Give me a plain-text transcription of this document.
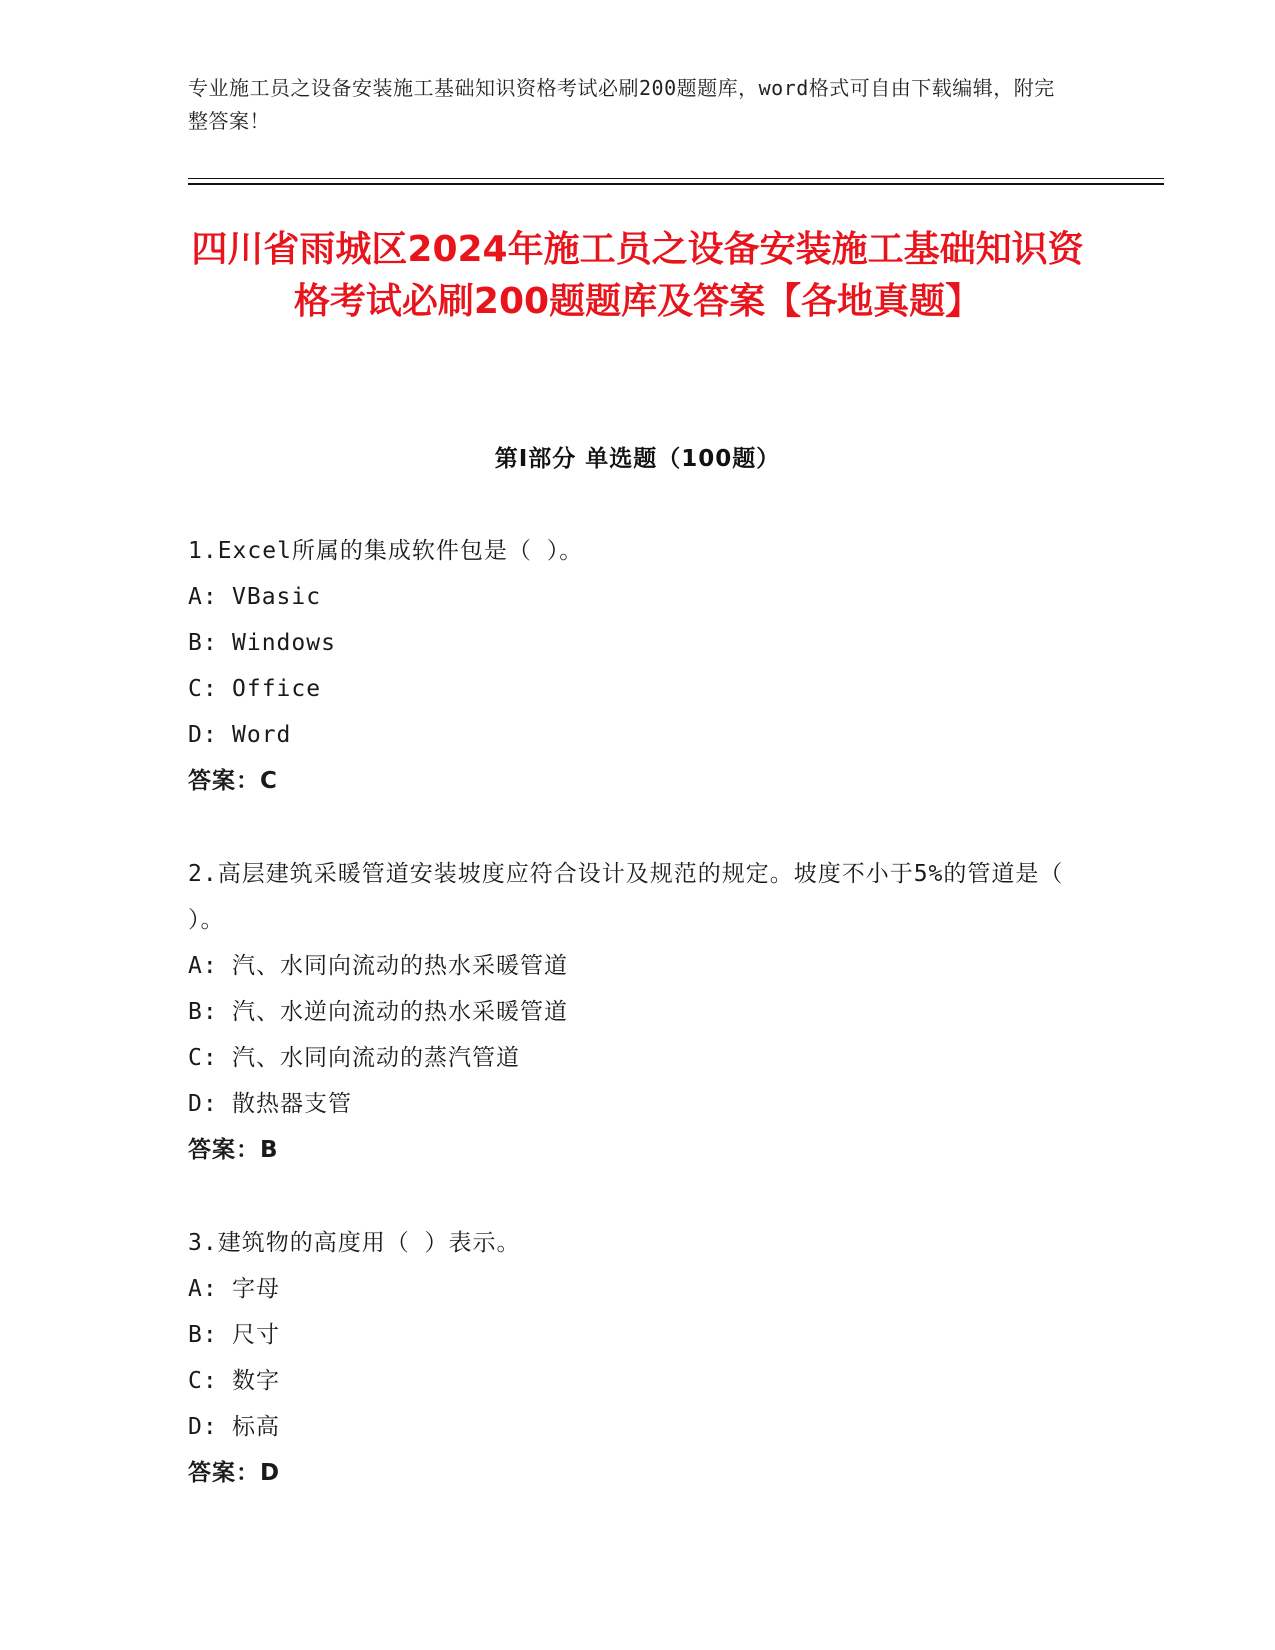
专业施工员之设备安装施工基础知识资格考试必刷200题题库，word格式可自由下载编辑，附完整答案！
四川省雨城区2024年施工员之设备安装施工基础知识资格考试必刷200题题库及答案【各地真题】
第Ⅰ部分 单选题（100题）
1.Excel所属的集成软件包是（ ）。
A: VBasic
B: Windows
C: Office
D: Word
答案：C
2.高层建筑采暖管道安装坡度应符合设计及规范的规定。坡度不小于5%的管道是（ ）。
A: 汽、水同向流动的热水采暖管道
B: 汽、水逆向流动的热水采暖管道
C: 汽、水同向流动的蒸汽管道
D: 散热器支管
答案：B
3.建筑物的高度用（ ）表示。
A: 字母
B: 尺寸
C: 数字
D: 标高
答案：D
